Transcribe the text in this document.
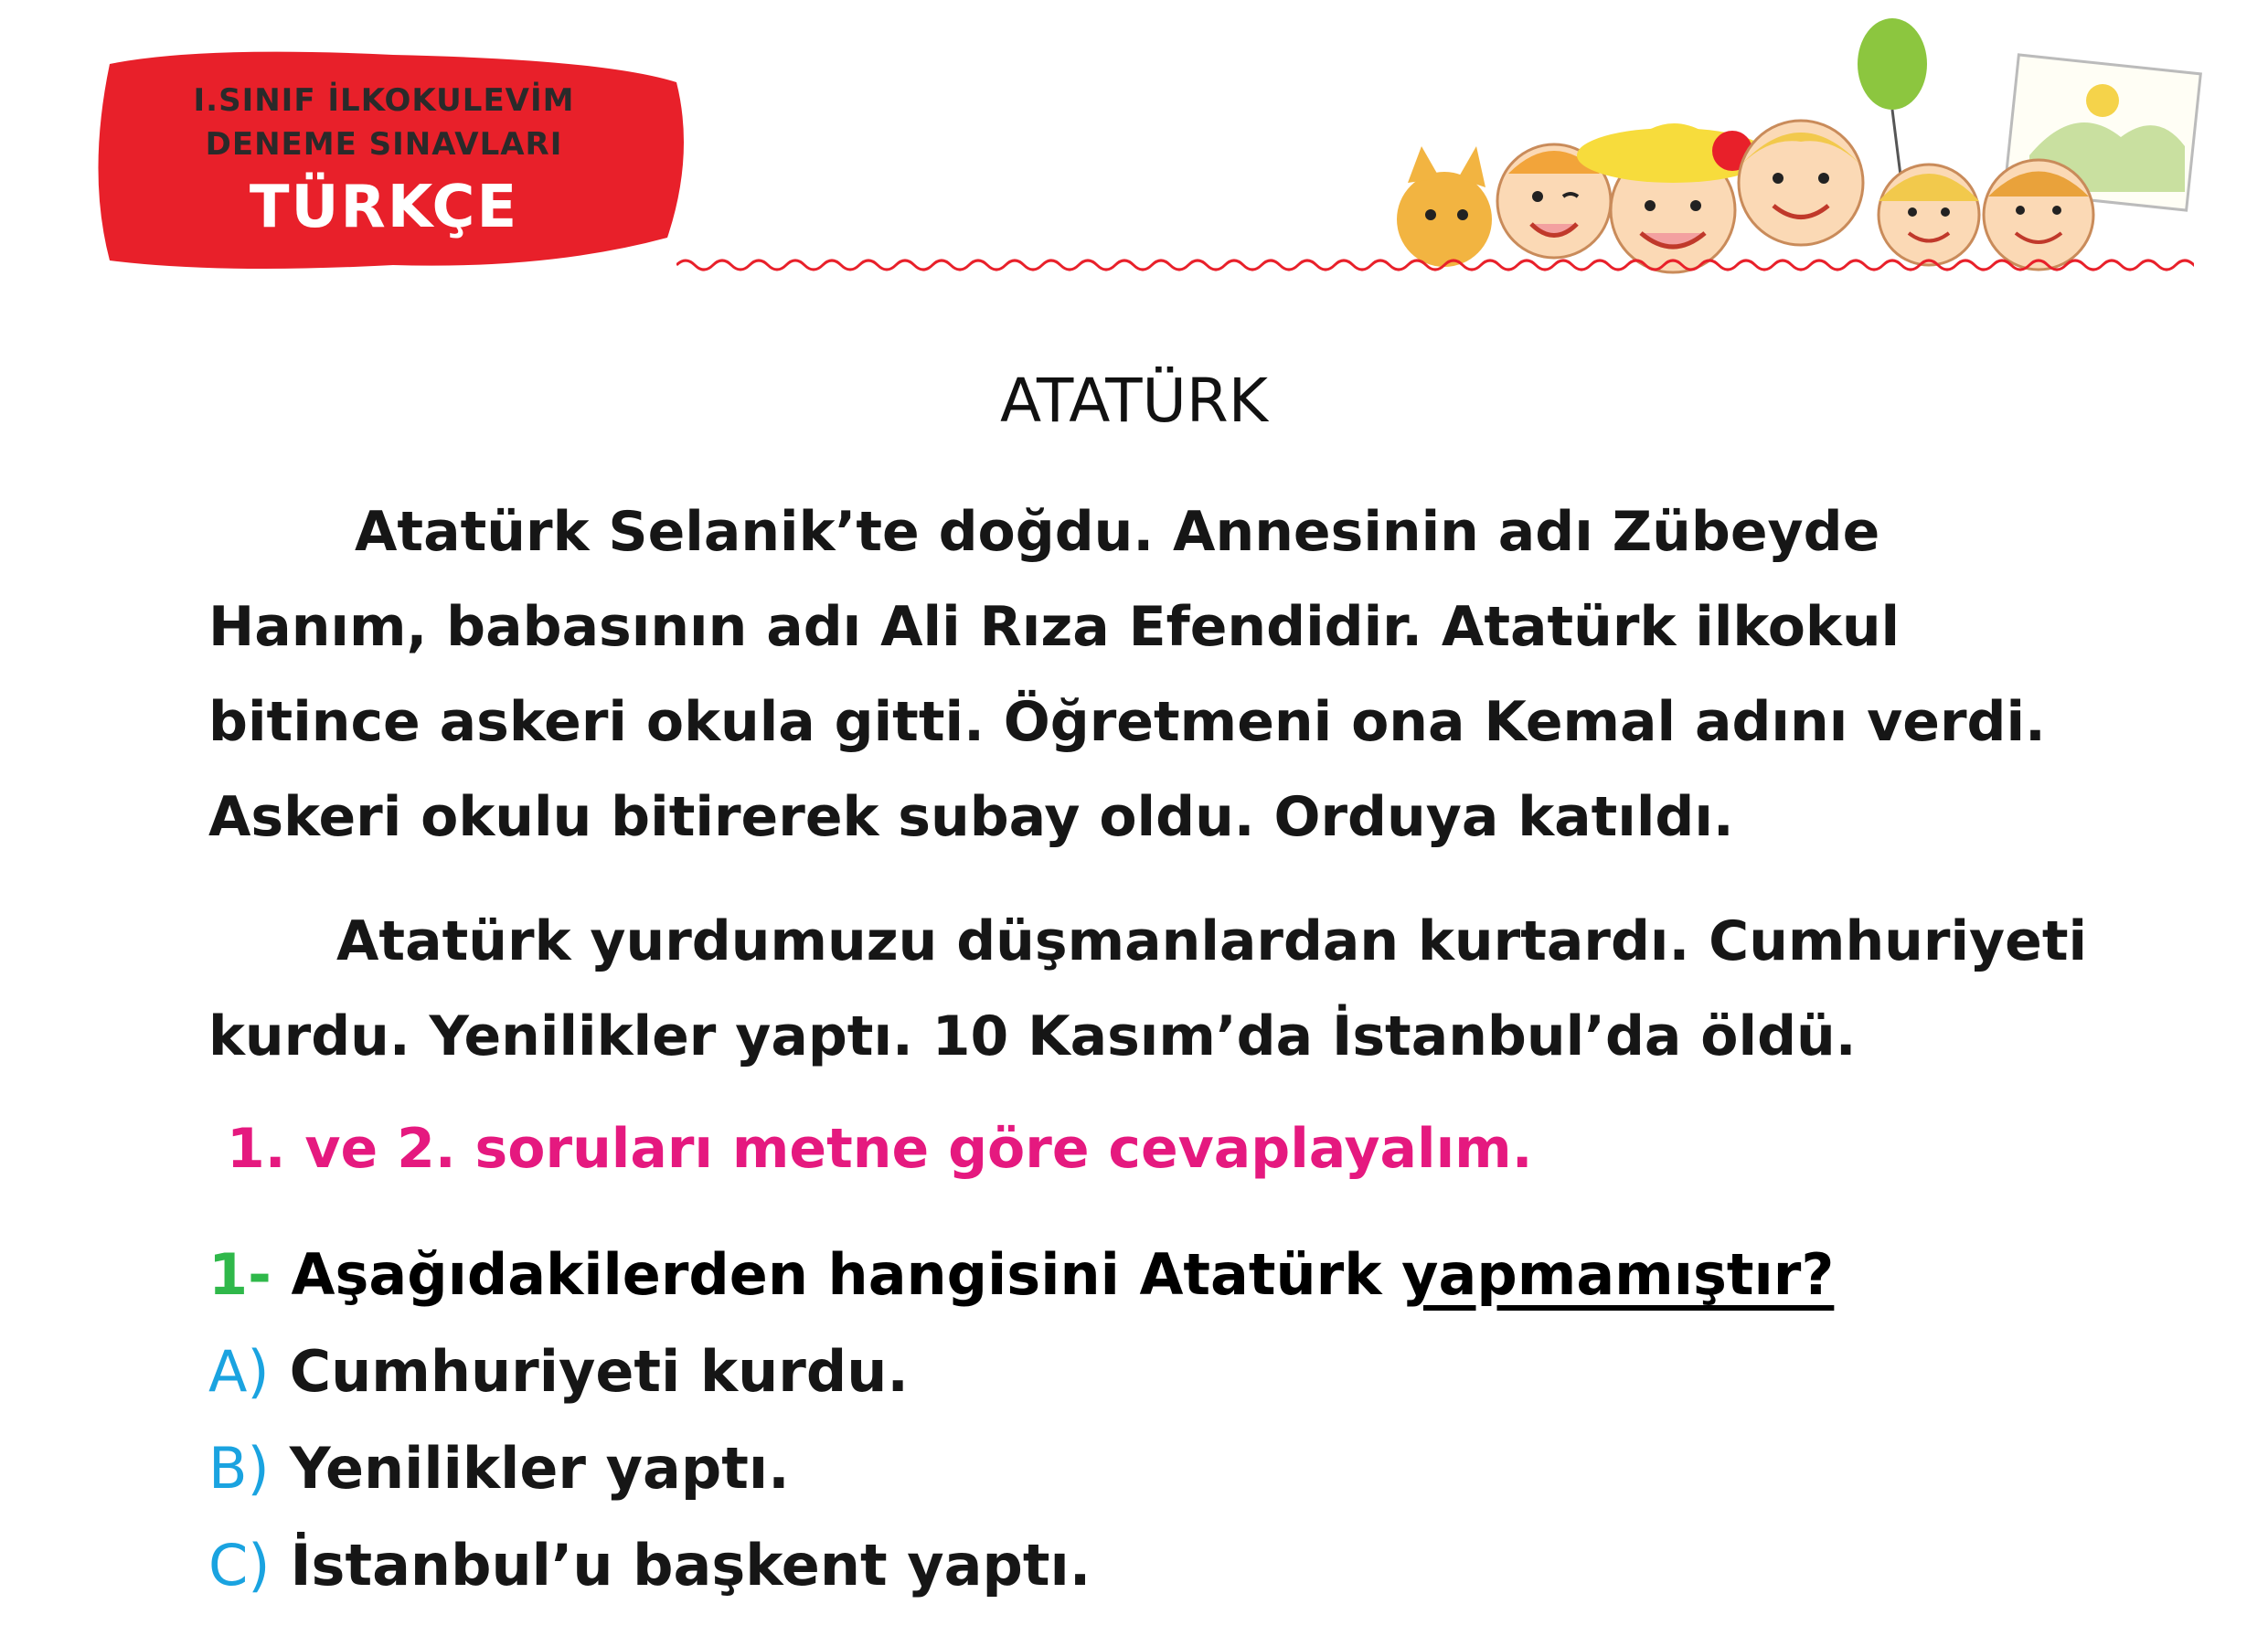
I.SINIF İLKOKULEVİM
DENEME SINAVLARI
TÜRKÇE
ATATÜRK
Atatürk Selanik’te doğdu. Annesinin adı Zübeyde Hanım, babasının adı Ali Rıza Efendidir. Atatürk ilkokul bitince askeri okula gitti. Öğretmeni ona Kemal adını verdi. Askeri okulu bitirerek subay oldu. Orduya katıldı.
Atatürk yurdumuzu düşmanlardan kurtardı. Cumhuriyeti kurdu. Yenilikler yaptı. 10 Kasım’da İstanbul’da öldü.
1. ve 2. soruları metne göre cevaplayalım.
1- Aşağıdakilerden hangisini Atatürk yapmamıştır?
A) Cumhuriyeti kurdu.
B) Yenilikler yaptı.
C) İstanbul’u başkent yaptı.
